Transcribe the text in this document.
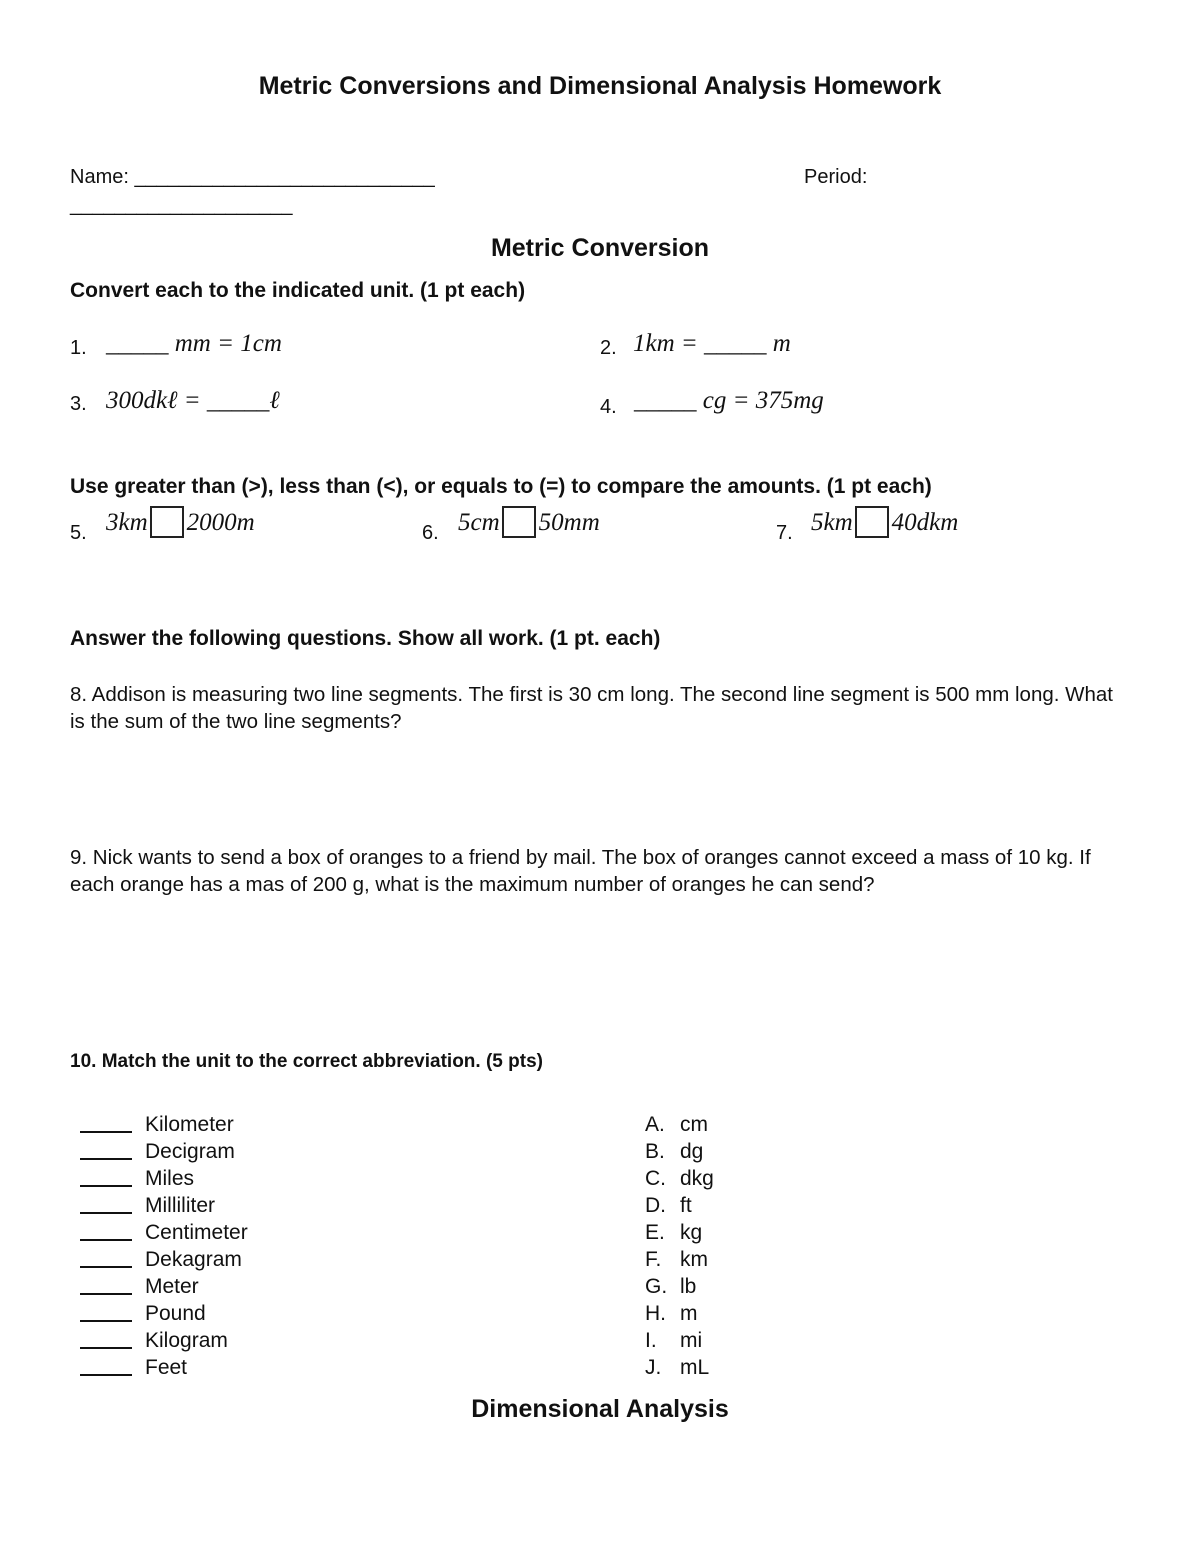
Metric Conversions and Dimensional Analysis Homework
Name: ___________________________	Period:
____________________
Metric Conversion
Convert each to the indicated unit. (1 pt each)
1. _____ mm = 1cm	2. 1km = _____ m
3. 300dkℓ = _____ℓ	4. _____ cg = 375mg
Use greater than (>), less than (<), or equals to (=) to compare the amounts. (1 pt each)
5. 3km 2000m	6. 5cm 50mm	7. 5km 40dkm
Answer the following questions. Show all work. (1 pt. each)
8. Addison is measuring two line segments. The first is 30 cm long. The second line segment is 500 mm long. What is the sum of the two line segments?
9. Nick wants to send a box of oranges to a friend by mail. The box of oranges cannot exceed a mass of 10 kg. If each orange has a mas of 200 g, what is the maximum number of oranges he can send?
10. Match the unit to the correct abbreviation. (5 pts)
Kilometer
Decigram
Miles
Milliliter
Centimeter
Dekagram
Meter
Pound
Kilogram
Feet
A. cm
B. dg
C. dkg
D. ft
E. kg
F. km
G. lb
H. m
I. mi
J. mL
Dimensional Analysis
